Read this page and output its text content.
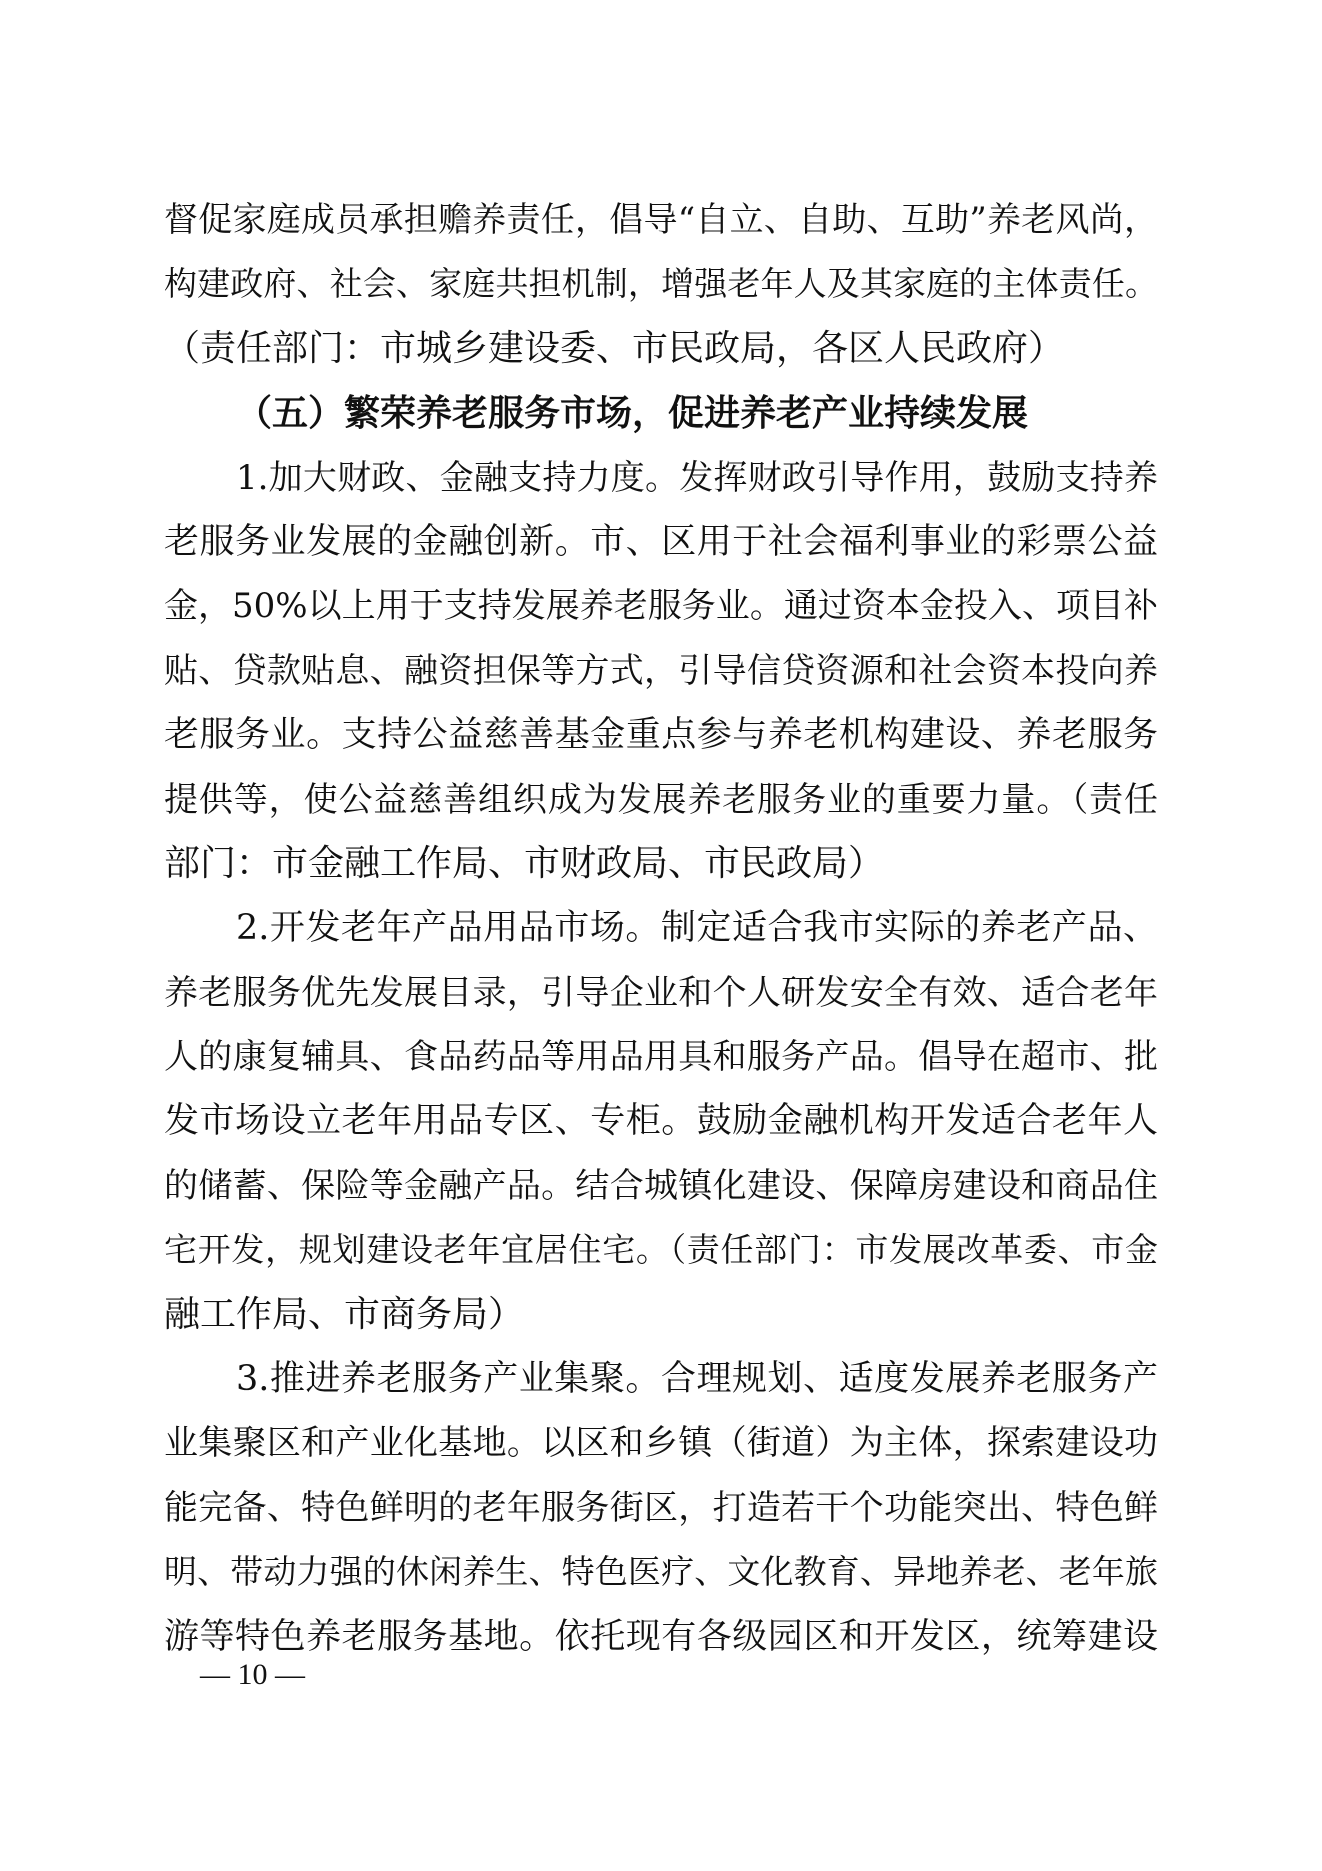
督促家庭成员承担赡养责任，倡导“自立、自助、互助”养老风尚，
构建政府、社会、家庭共担机制，增强老年人及其家庭的主体责任。
（责任部门：市城乡建设委、市民政局，各区人民政府）
（五）繁荣养老服务市场，促进养老产业持续发展
1.加大财政、金融支持力度。发挥财政引导作用，鼓励支持养
老服务业发展的金融创新。市、区用于社会福利事业的彩票公益
金，50%以上用于支持发展养老服务业。通过资本金投入、项目补
贴、贷款贴息、融资担保等方式，引导信贷资源和社会资本投向养
老服务业。支持公益慈善基金重点参与养老机构建设、养老服务
提供等，使公益慈善组织成为发展养老服务业的重要力量。（责任
部门：市金融工作局、市财政局、市民政局）
2.开发老年产品用品市场。制定适合我市实际的养老产品、
养老服务优先发展目录，引导企业和个人研发安全有效、适合老年
人的康复辅具、食品药品等用品用具和服务产品。倡导在超市、批
发市场设立老年用品专区、专柜。鼓励金融机构开发适合老年人
的储蓄、保险等金融产品。结合城镇化建设、保障房建设和商品住
宅开发，规划建设老年宜居住宅。（责任部门：市发展改革委、市金
融工作局、市商务局）
3.推进养老服务产业集聚。合理规划、适度发展养老服务产
业集聚区和产业化基地。以区和乡镇（街道）为主体，探索建设功
能完备、特色鲜明的老年服务街区，打造若干个功能突出、特色鲜
明、带动力强的休闲养生、特色医疗、文化教育、异地养老、老年旅
游等特色养老服务基地。依托现有各级园区和开发区，统筹建设
— 10 —
